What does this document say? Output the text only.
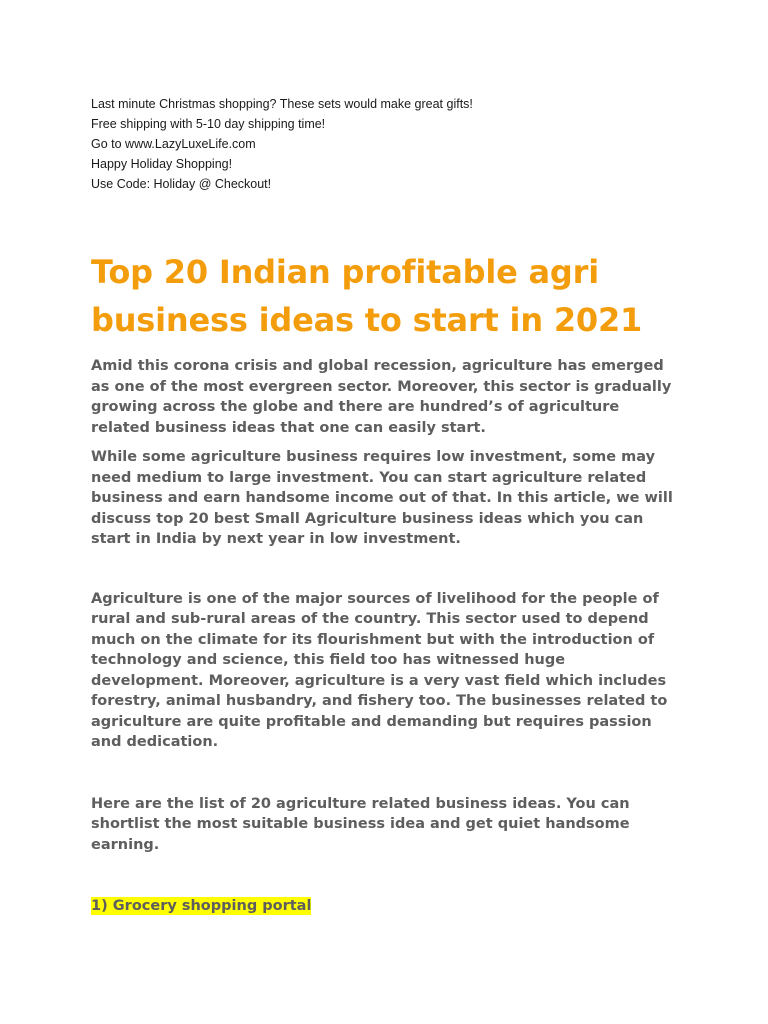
Last minute Christmas shopping? These sets would make great gifts!
Free shipping with 5-10 day shipping time!
Go to www.LazyLuxeLife.com
Happy Holiday Shopping!
Use Code: Holiday @ Checkout!
Top 20 Indian profitable agri business ideas to start in 2021

Amid this corona crisis and global recession, agriculture has emerged as one of the most evergreen sector. Moreover, this sector is gradually growing across the globe and there are hundred’s of agriculture related business ideas that one can easily start.

While some agriculture business requires low investment, some may need medium to large investment. You can start agriculture related business and earn handsome income out of that. In this article, we will discuss top 20 best Small Agriculture business ideas which you can start in India by next year in low investment.

Agriculture is one of the major sources of livelihood for the people of rural and sub-rural areas of the country. This sector used to depend much on the climate for its flourishment but with the introduction of technology and science, this field too has witnessed huge development. Moreover, agriculture is a very vast field which includes forestry, animal husbandry, and fishery too. The businesses related to agriculture are quite profitable and demanding but requires passion and dedication.

Here are the list of 20 agriculture related business ideas. You can shortlist the most suitable business idea and get quiet handsome earning.

1) Grocery shopping portal
